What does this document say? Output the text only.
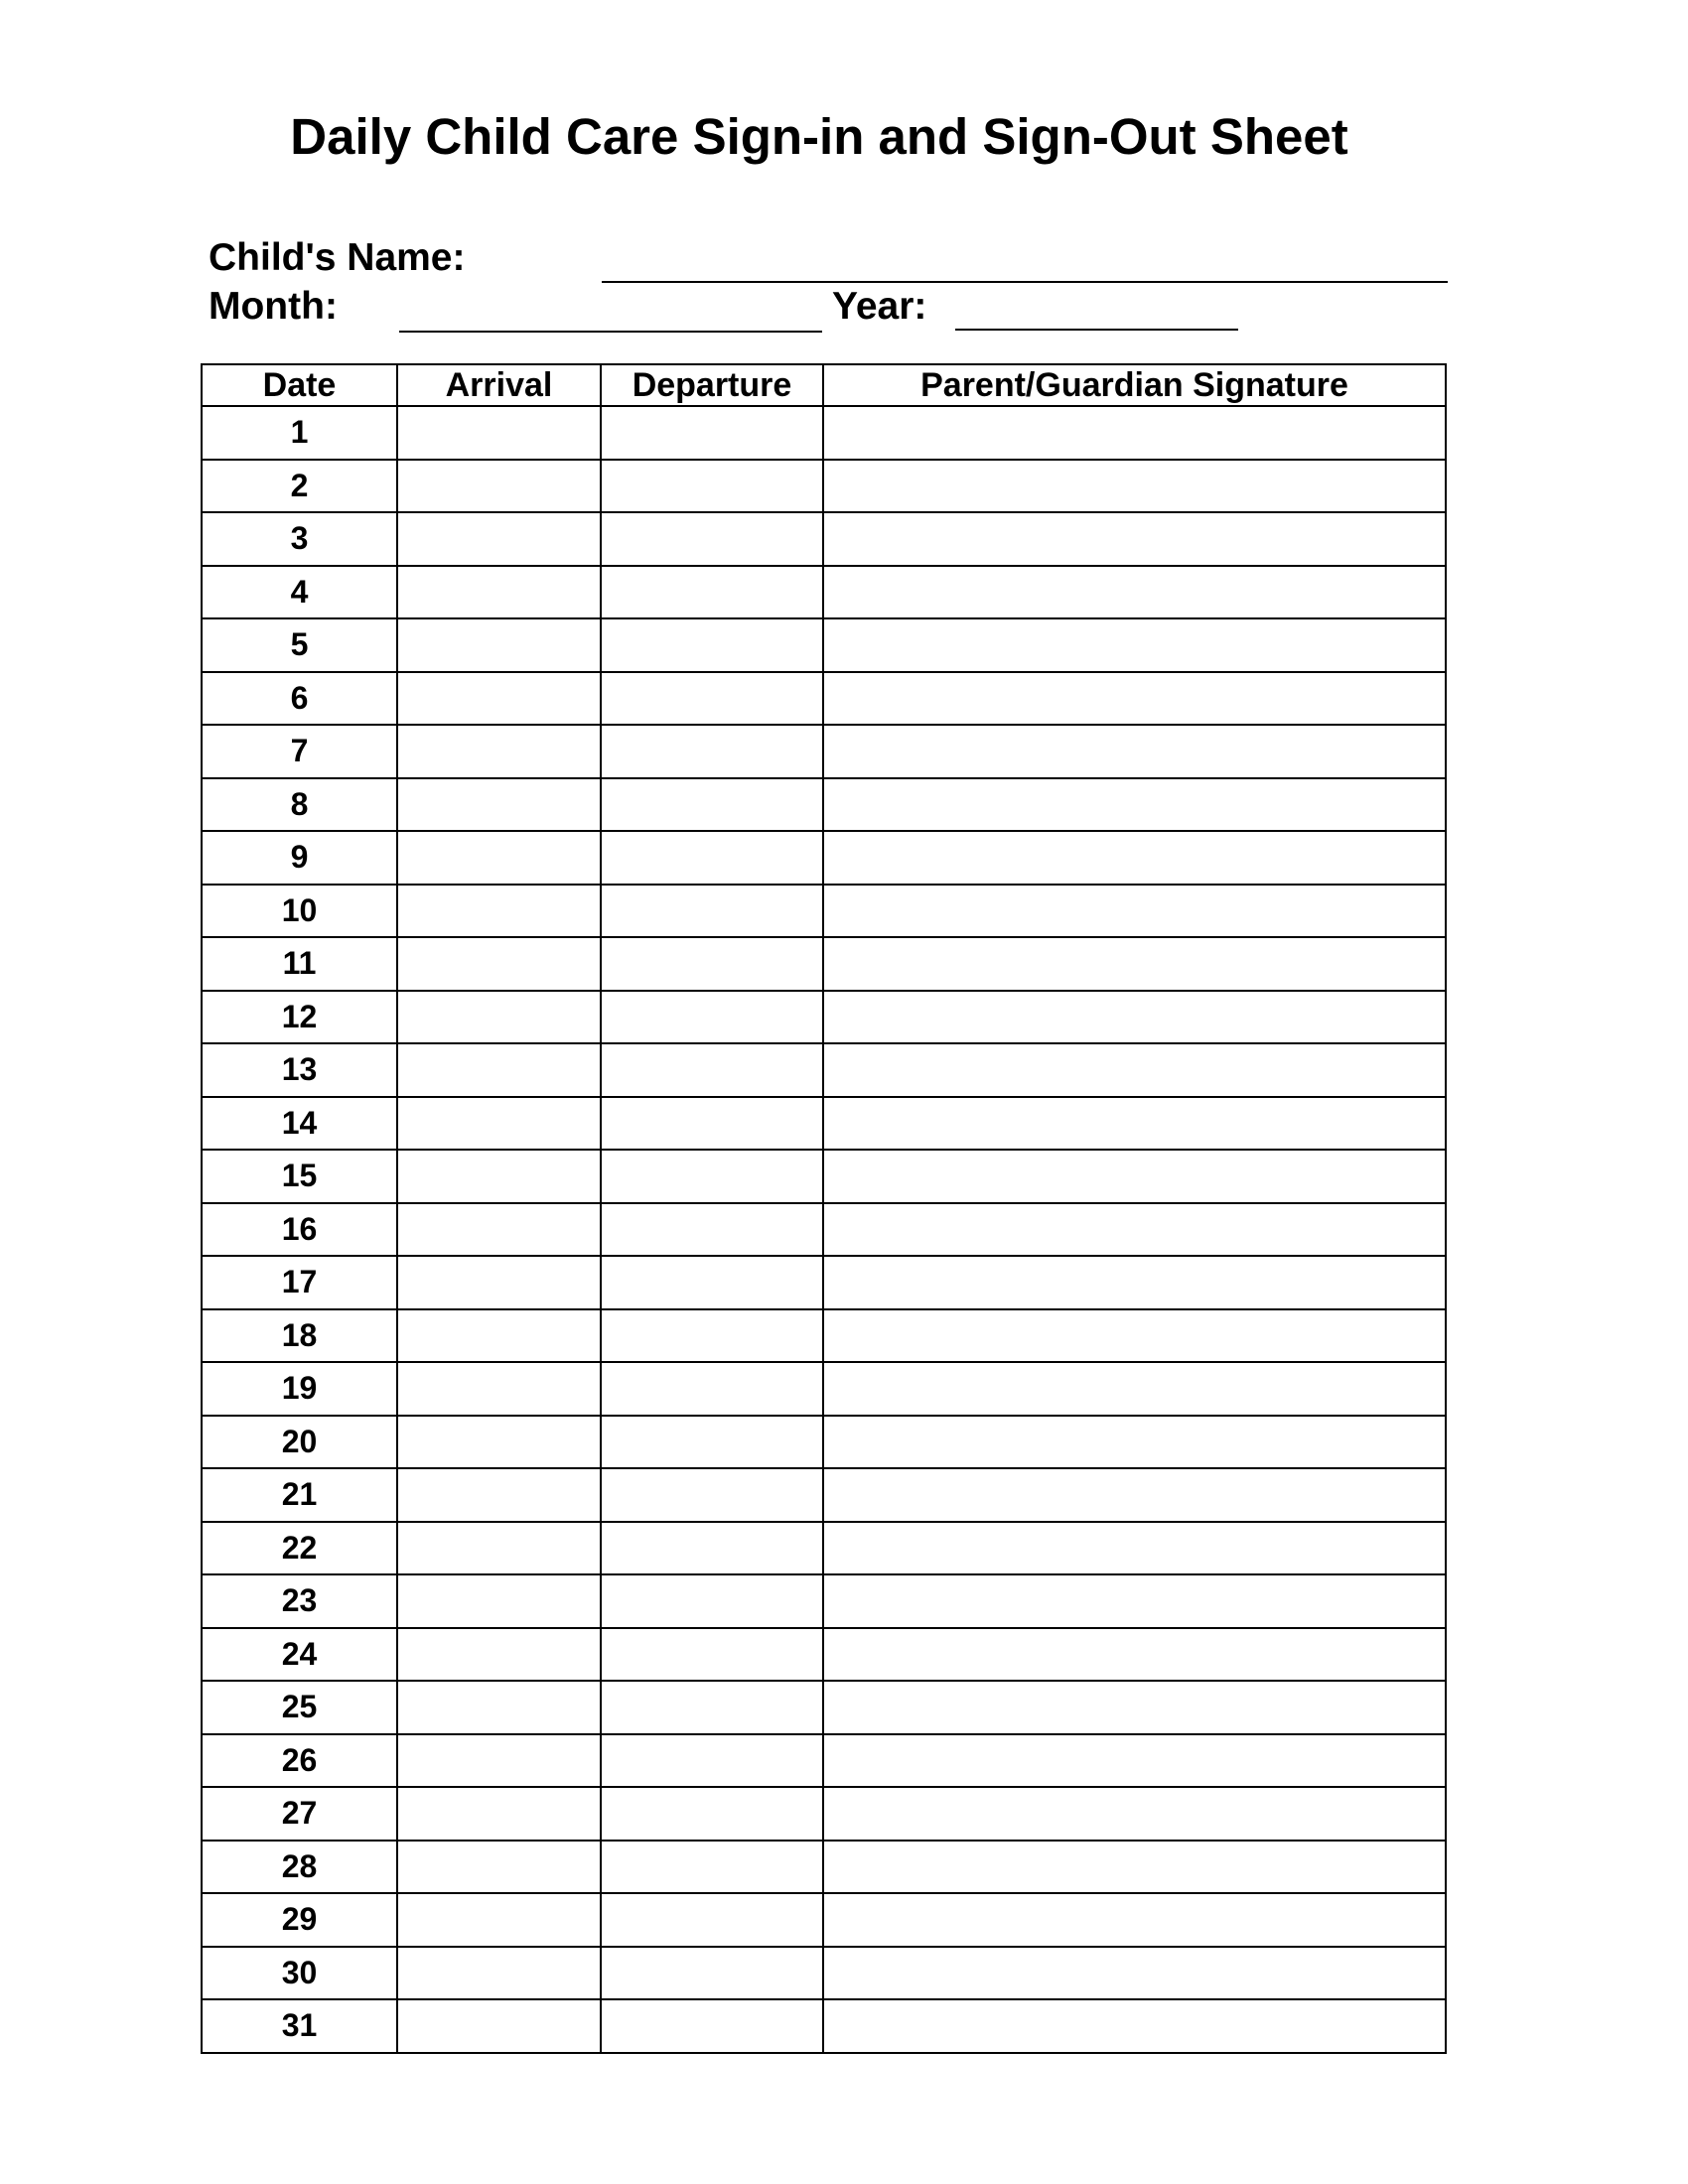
Daily Child Care Sign-in and Sign-Out Sheet
Child's Name:
Month:	Year:
Date	Arrival	Departure	Parent/Guardian Signature
1			
2			
3			
4			
5			
6			
7			
8			
9			
10			
11			
12			
13			
14			
15			
16			
17			
18			
19			
20			
21			
22			
23			
24			
25			
26			
27			
28			
29			
30			
31			
